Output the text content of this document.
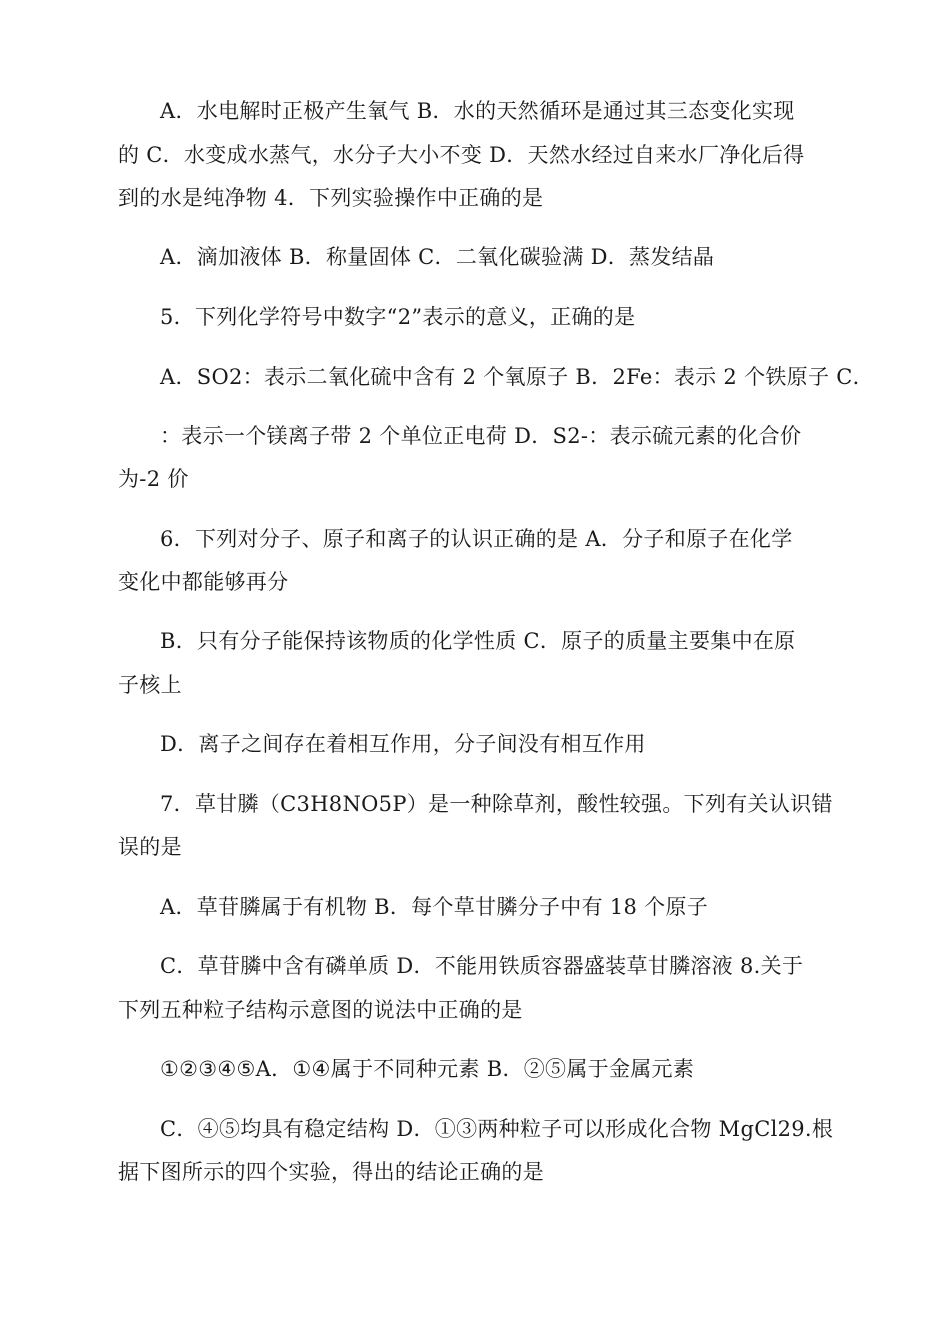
A．水电解时正极产生氧气 B．水的天然循环是通过其三态变化实现
的 C．水变成水蒸气，水分子大小不变 D．天然水经过自来水厂净化后得
到的水是纯净物 4．下列实验操作中正确的是
A．滴加液体 B．称量固体 C．二氧化碳验满 D．蒸发结晶
5．下列化学符号中数字“2”表示的意义，正确的是
A．SO2：表示二氧化硫中含有 2 个氧原子 B．2Fe：表示 2 个铁原子 C．
：表示一个镁离子带 2 个单位正电荷 D．S2-：表示硫元素的化合价
为-2 价
6．下列对分子、原子和离子的认识正确的是 A．分子和原子在化学
变化中都能够再分
B．只有分子能保持该物质的化学性质 C．原子的质量主要集中在原
子核上
D．离子之间存在着相互作用，分子间没有相互作用
7．草甘膦（C3H8NO5P）是一种除草剂，酸性较强。下列有关认识错
误的是
A．草苷膦属于有机物 B．每个草甘膦分子中有 18 个原子
C．草苷膦中含有磷单质 D．不能用铁质容器盛装草甘膦溶液 8.关于
下列五种粒子结构示意图的说法中正确的是
①②③④⑤A．①④属于不同种元素 B．②⑤属于金属元素
C．④⑤均具有稳定结构 D．①③两种粒子可以形成化合物 MgCl29.根
据下图所示的四个实验，得出的结论正确的是
